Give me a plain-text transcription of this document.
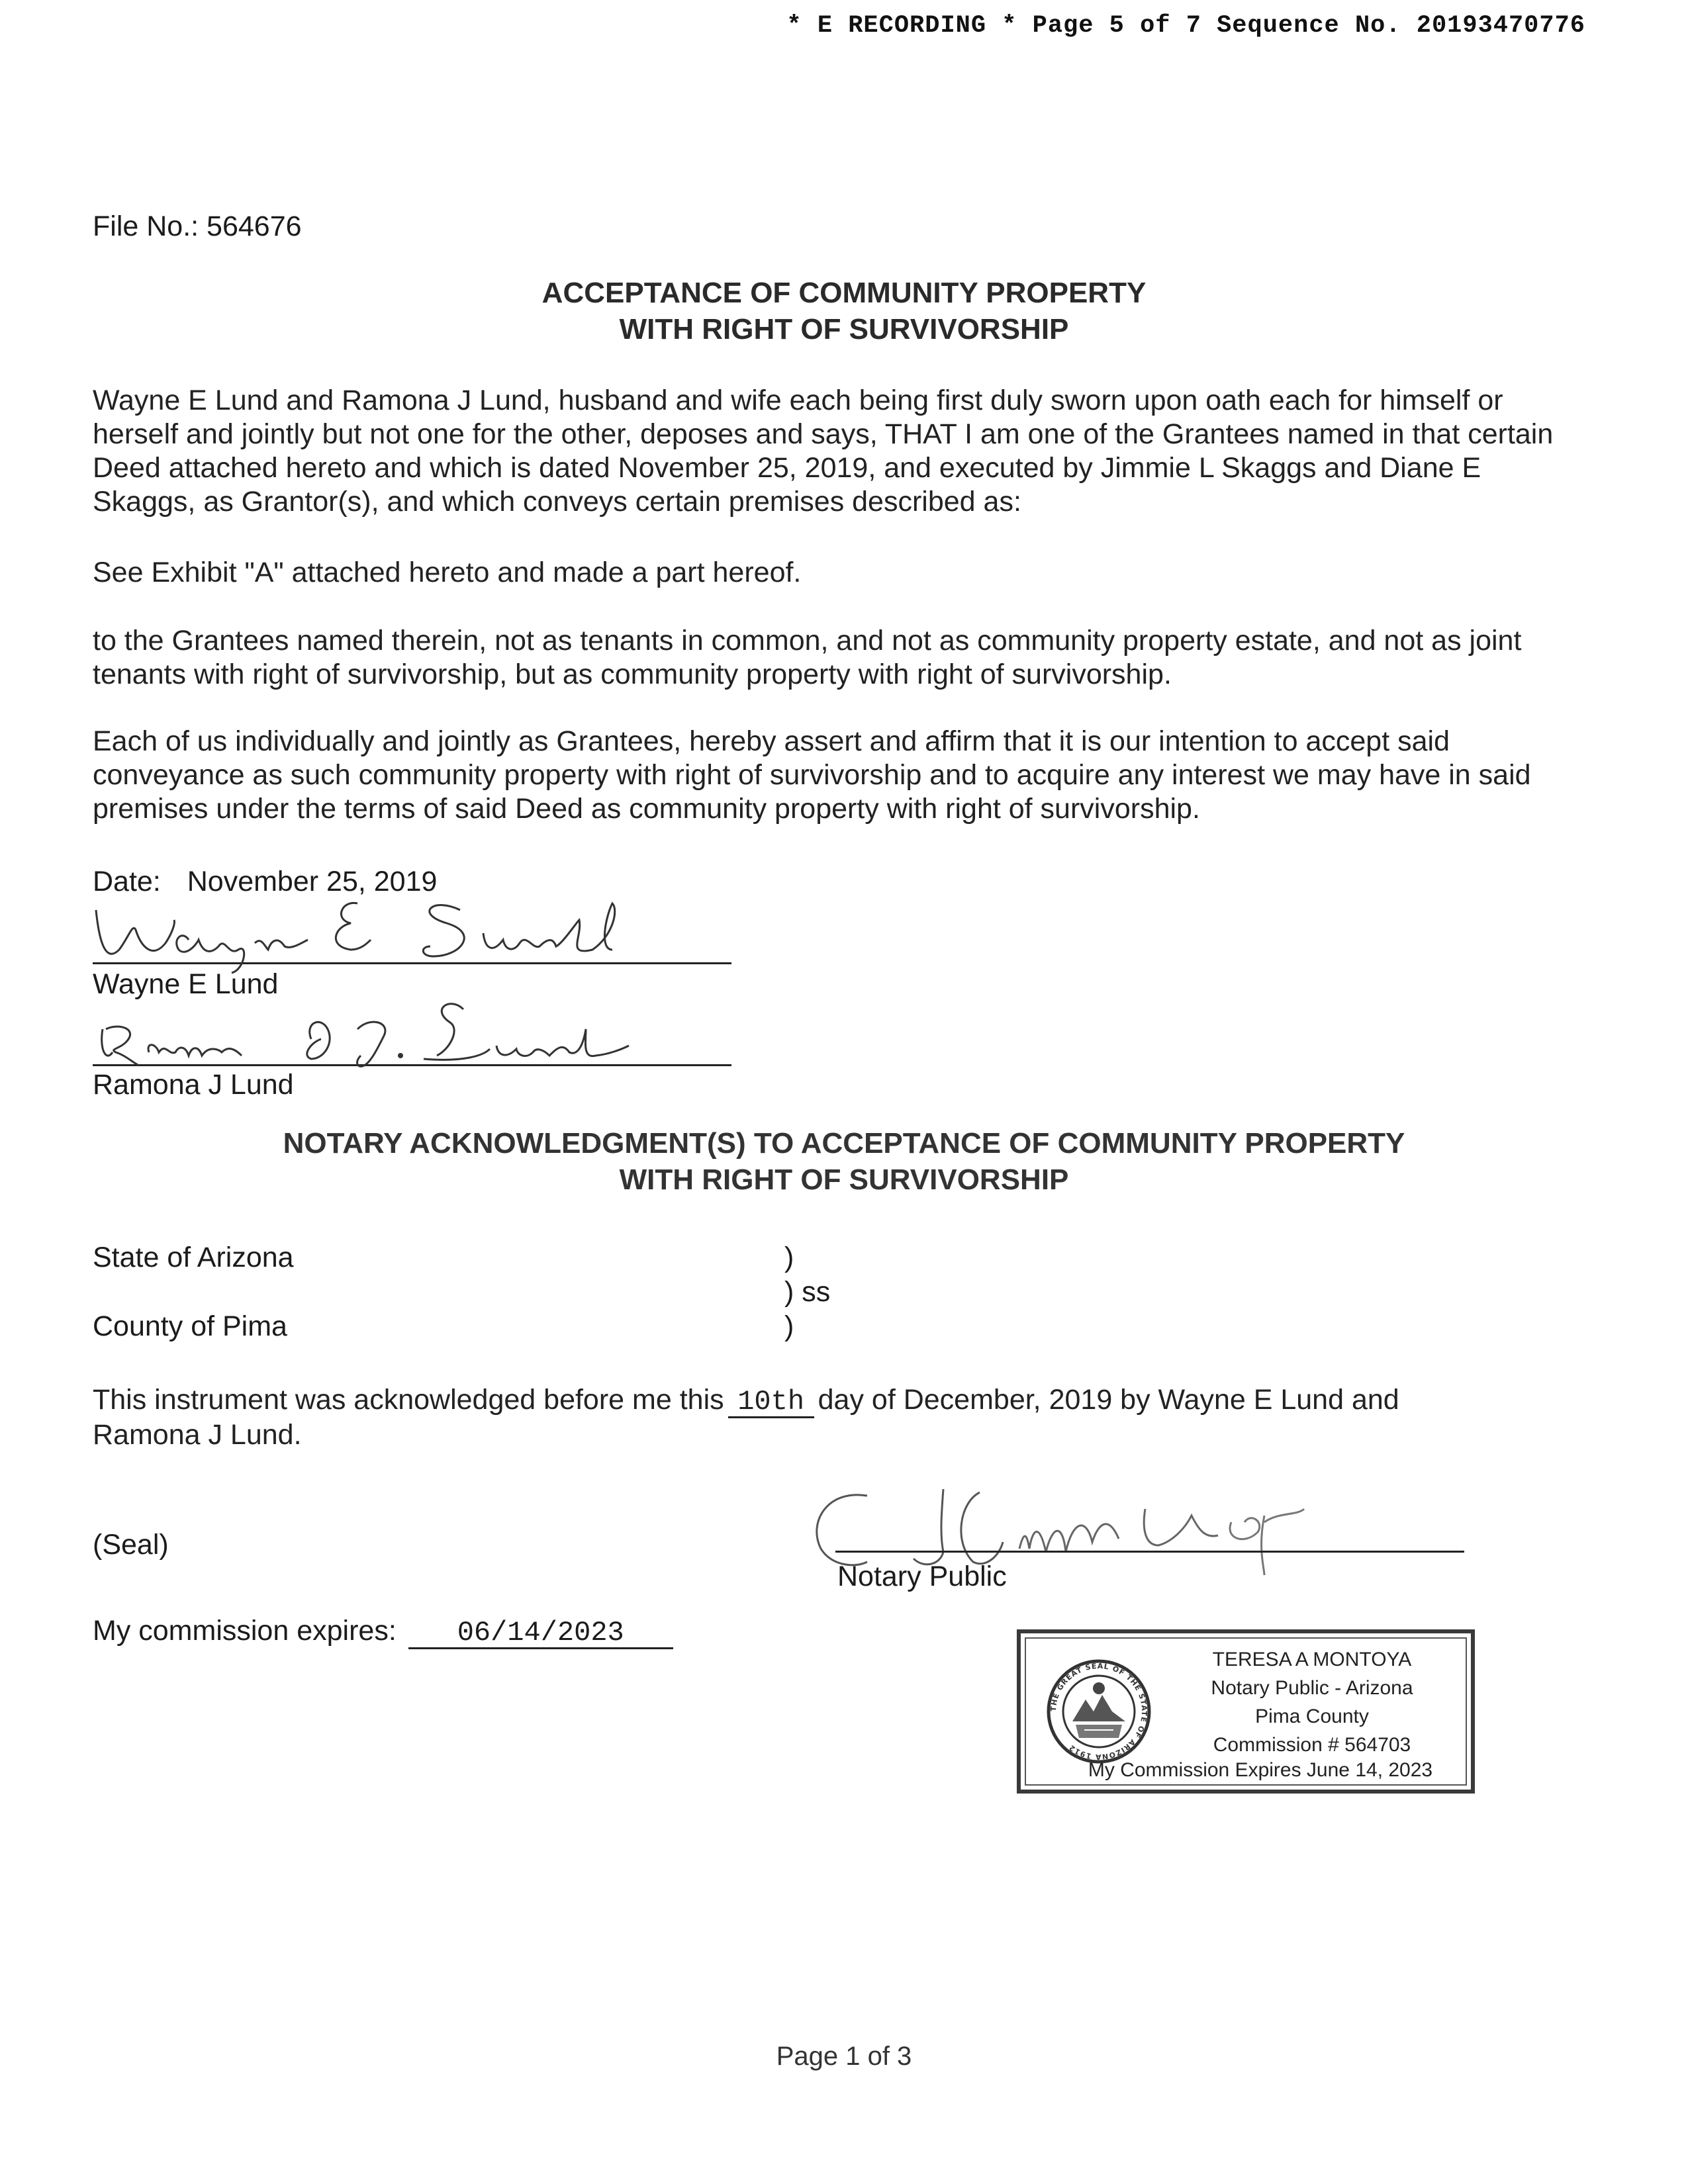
* E RECORDING * Page 5 of 7 Sequence No. 20193470776
File No.: 564676
ACCEPTANCE OF COMMUNITY PROPERTY
WITH RIGHT OF SURVIVORSHIP
Wayne E Lund and Ramona J Lund, husband and wife each being first duly sworn upon oath each for himself or herself and jointly but not one for the other, deposes and says, THAT I am one of the Grantees named in that certain Deed attached hereto and which is dated November 25, 2019, and executed by Jimmie L Skaggs and Diane E Skaggs, as Grantor(s), and which conveys certain premises described as:
See Exhibit "A" attached hereto and made a part hereof.
to the Grantees named therein, not as tenants in common, and not as community property estate, and not as joint tenants with right of survivorship, but as community property with right of survivorship.
Each of us individually and jointly as Grantees, hereby assert and affirm that it is our intention to accept said conveyance as such community property with right of survivorship and to acquire any interest we may have in said premises under the terms of said Deed as community property with right of survivorship.
Date: November 25, 2019
Wayne E Lund
Ramona J Lund
NOTARY ACKNOWLEDGMENT(S) TO ACCEPTANCE OF COMMUNITY PROPERTY
WITH RIGHT OF SURVIVORSHIP
State of Arizona
County of Pima
)
) ss
)
This instrument was acknowledged before me this 10th day of December, 2019 by Wayne E Lund and
Ramona J Lund.
(Seal)
Notary Public
My commission expires: 06/14/2023
THE GREAT SEAL OF THE STATE OF ARIZONA 1912
TERESA A MONTOYA
Notary Public - Arizona
Pima County
Commission # 564703
My Commission Expires June 14, 2023
Page 1 of 3
